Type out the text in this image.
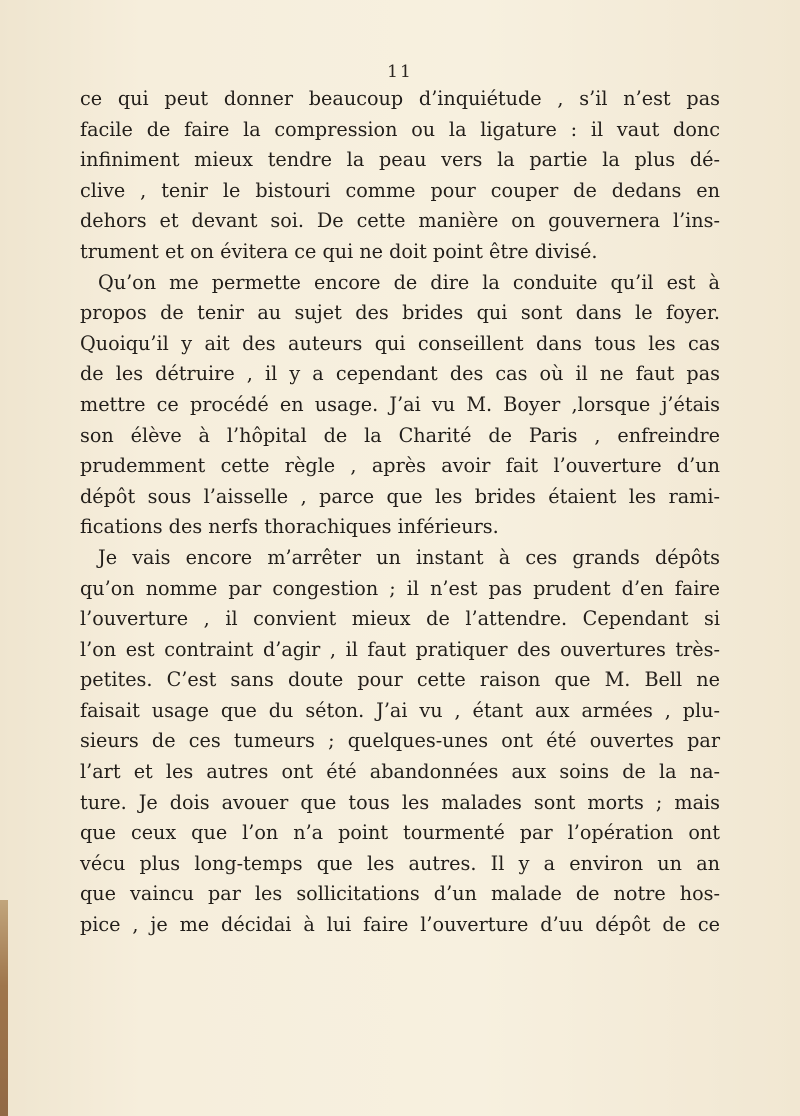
11
ce qui peut donner beaucoup d’inquiétude , s’il n’est pas
facile de faire la compression ou la ligature : il vaut donc
infiniment mieux tendre la peau vers la partie la plus dé-
clive , tenir le bistouri comme pour couper de dedans en
dehors et devant soi. De cette manière on gouvernera l’ins-
trument et on évitera ce qui ne doit point être divisé.
Qu’on me permette encore de dire la conduite qu’il est à
propos de tenir au sujet des brides qui sont dans le foyer.
Quoiqu’il y ait des auteurs qui conseillent dans tous les cas
de les détruire , il y a cependant des cas où il ne faut pas
mettre ce procédé en usage. J’ai vu M. Boyer ,lorsque j’étais
son élève à l’hôpital de la Charité de Paris , enfreindre
prudemment cette règle , après avoir fait l’ouverture d’un
dépôt sous l’aisselle , parce que les brides étaient les rami-
fications des nerfs thorachiques inférieurs.
Je vais encore m’arrêter un instant à ces grands dépôts
qu’on nomme par congestion ; il n’est pas prudent d’en faire
l’ouverture , il convient mieux de l’attendre. Cependant si
l’on est contraint d’agir , il faut pratiquer des ouvertures très-
petites. C’est sans doute pour cette raison que M. Bell ne
faisait usage que du séton. J’ai vu , étant aux armées , plu-
sieurs de ces tumeurs ; quelques-unes ont été ouvertes par
l’art et les autres ont été abandonnées aux soins de la na-
ture. Je dois avouer que tous les malades sont morts ; mais
que ceux que l’on n’a point tourmenté par l’opération ont
vécu plus long-temps que les autres. Il y a environ un an
que vaincu par les sollicitations d’un malade de notre hos-
pice , je me décidai à lui faire l’ouverture d’uu dépôt de ce
